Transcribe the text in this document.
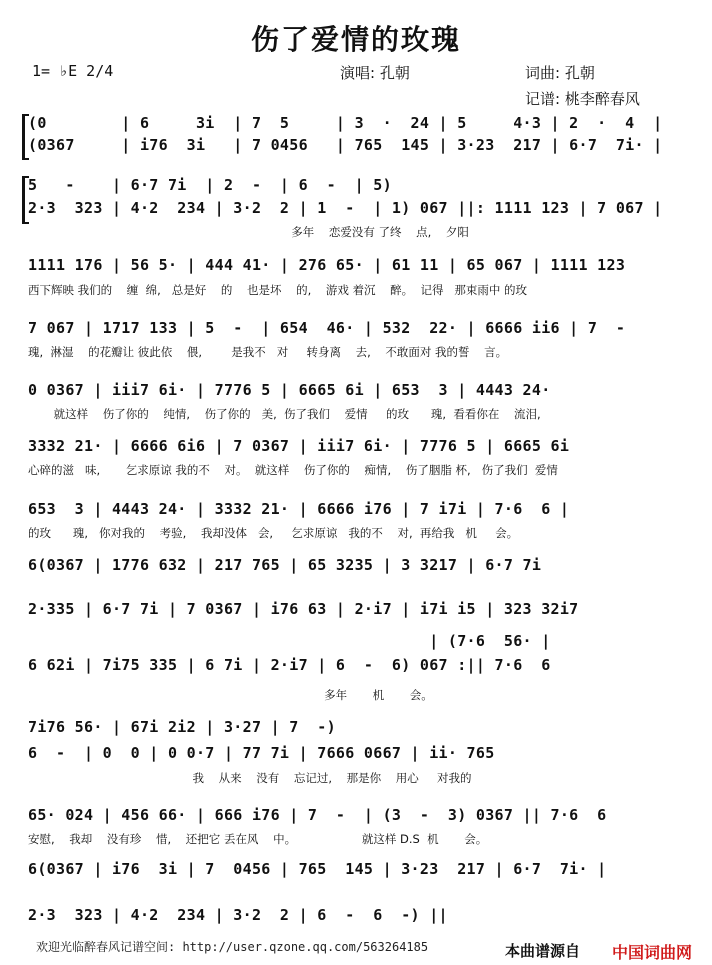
伤了爱情的玫瑰
1= ♭E 2/4	演唱: 孔朝	词曲: 孔朝
记谱: 桃李醉春风
(0        | 6     3i  | 7  5     | 3  ·  24 | 5     4·3 | 2  ·  4  |
(0367     | i76  3i   | 7 0456   | 765  145 | 3·23  217 | 6·7  7i· |
5   -    | 6·7 7i  | 2  -  | 6  -  | 5)
2·3  323 | 4·2  234 | 3·2  2 | 1  -  | 1) 067 ||: 1111 123 | 7 067 |
多年    恋爱没有 了终    点,    夕阳
1111 176 | 56 5· | 444 41· | 276 65· | 61 11 | 65 067 | 1111 123
西下辉映 我们的    缠  绵,   总是好    的    也是坏    的,    游戏 着沉    醉。  记得   那束雨中 的玫
7 067 | 1717 133 | 5  -  | 654  46· | 532  22· | 6666 ii6 | 7  -
瑰,  淋湿    的花瓣让 彼此依    偎,        是我不   对     转身离    去,    不敢面对 我的誓    言。
0 0367 | iii7 6i· | 7776 5 | 6665 6i | 653  3 | 4443 24·
就这样    伤了你的    纯情,    伤了你的   美,  伤了我们    爱情     的玫      瑰,  看看你在    流泪,
3332 21· | 6666 6i6 | 7 0367 | iii7 6i· | 7776 5 | 6665 6i
心碎的滋   味,       乞求原谅 我的不    对。  就这样    伤了你的    痴情,    伤了胭脂 杯,   伤了我们  爱情
653  3 | 4443 24· | 3332 21· | 6666 i76 | 7 i7i | 7·6  6 |
的玫      瑰,   你对我的    考验,    我却没体   会,     乞求原谅   我的不    对,  再给我   机     会。
6(0367 | 1776 632 | 217 765 | 65 3235 | 3 3217 | 6·7 7i
2·335 | 6·7 7i | 7 0367 | i76 63 | 2·i7 | i7i i5 | 323 32i7
| (7·6  56· |
6 62i | 7i75 335 | 6 7i | 2·i7 | 6  -  6) 067 :|| 7·6  6
多年       机       会。
7i76 56· | 67i 2i2 | 3·27 | 7  -)
6  -  | 0  0 | 0 0·7 | 77 7i | 7666 0667 | ii· 765
我    从来    没有    忘记过,    那是你    用心     对我的
65· 024 | 456 66· | 666 i76 | 7  -  | (3  -  3) 0367 || 7·6  6
安慰,    我却    没有珍    惜,    还把它 丢在风    中。                  就这样 D.S  机       会。
6(0367 | i76  3i | 7  0456 | 765  145 | 3·23  217 | 6·7  7i· |
2·3  323 | 4·2  234 | 3·2  2 | 6  -  6  -) ||
欢迎光临醉春风记谱空间: http://user.qzone.qq.com/563264185	本曲谱源自 中国词曲网
